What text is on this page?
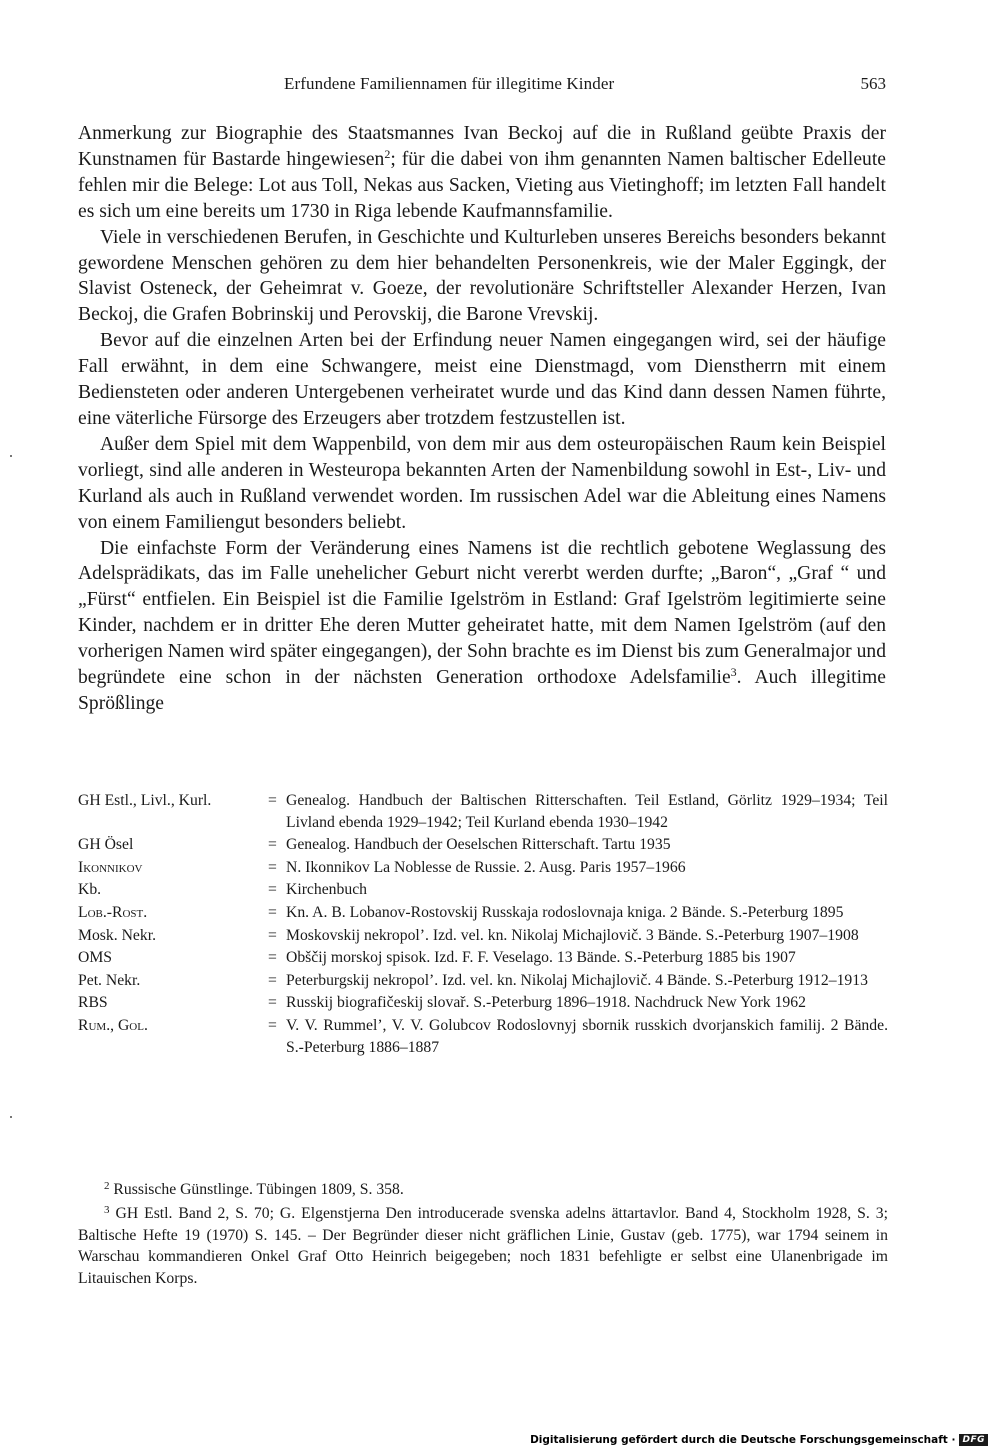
Erfundene Familiennamen für illegitime Kinder	563

Anmerkung zur Biographie des Staatsmannes Ivan Beckoj auf die in Rußland geübte Praxis der Kunstnamen für Bastarde hingewiesen$^2$; für die dabei von ihm genannten Namen baltischer Edelleute fehlen mir die Belege: Lot aus Toll, Nekas aus Sacken, Vieting aus Vietinghoff; im letzten Fall handelt es sich um eine bereits um 1730 in Riga lebende Kaufmannsfamilie.

Viele in verschiedenen Berufen, in Geschichte und Kulturleben unseres Bereichs besonders bekannt gewordene Menschen gehören zu dem hier behandelten Personenkreis, wie der Maler Eggingk, der Slavist Osteneck, der Geheimrat v. Goeze, der revolutionäre Schriftsteller Alexander Herzen, Ivan Beckoj, die Grafen Bobrinskij und Perovskij, die Barone Vrevskij.

Bevor auf die einzelnen Arten bei der Erfindung neuer Namen eingegangen wird, sei der häufige Fall erwähnt, in dem eine Schwangere, meist eine Dienstmagd, vom Dienstherrn mit einem Bediensteten oder anderen Untergebenen verheiratet wurde und das Kind dann dessen Namen führte, eine väterliche Fürsorge des Erzeugers aber trotzdem festzustellen ist.

Außer dem Spiel mit dem Wappenbild, von dem mir aus dem osteuropäischen Raum kein Beispiel vorliegt, sind alle anderen in Westeuropa bekannten Arten der Namenbildung sowohl in Est-, Liv- und Kurland als auch in Rußland verwendet worden. Im russischen Adel war die Ableitung eines Namens von einem Familiengut besonders beliebt.

Die einfachste Form der Veränderung eines Namens ist die rechtlich gebotene Weglassung des Adelsprädikats, das im Falle unehelicher Geburt nicht vererbt werden durfte; „Baron“, „Graf “ und „Fürst“ entfielen. Ein Beispiel ist die Familie Igelström in Estland: Graf Igelström legitimierte seine Kinder, nachdem er in dritter Ehe deren Mutter geheiratet hatte, mit dem Namen Igelström (auf den vorherigen Namen wird später eingegangen), der Sohn brachte es im Dienst bis zum Generalmajor und begründete eine schon in der nächsten Generation orthodoxe Adelsfamilie$^3$. Auch illegitime Sprößlinge

GH Estl., Livl., Kurl.	= Genealog. Handbuch der Baltischen Ritterschaften. Teil Estland, Görlitz 1929–1934; Teil Livland ebenda 1929–1942; Teil Kurland ebenda 1930–1942
GH Ösel	= Genealog. Handbuch der Oeselschen Ritterschaft. Tartu 1935
Ikonnikov	= N. Ikonnikov La Noblesse de Russie. 2. Ausg. Paris 1957–1966
Kb.	= Kirchenbuch
Lob.-Rost.	= Kn. A. B. Lobanov-Rostovskij Russkaja rodoslovnaja kniga. 2 Bände. S.-Peterburg 1895
Mosk. Nekr.	= Moskovskij nekropol’. Izd. vel. kn. Nikolaj Michajlovič. 3 Bände. S.-Peterburg 1907–1908
OMS	= Obščij morskoj spisok. Izd. F. F. Veselago. 13 Bände. S.-Peterburg 1885 bis 1907
Pet. Nekr.	= Peterburgskij nekropol’. Izd. vel. kn. Nikolaj Michajlovič. 4 Bände. S.-Peterburg 1912–1913
RBS	= Russkij biografičeskij slovař. S.-Peterburg 1896–1918. Nachdruck New York 1962
Rum., Gol.	= V. V. Rummel’, V. V. Golubcov Rodoslovnyj sbornik russkich dvorjanskich familij. 2 Bände. S.-Peterburg 1886–1887

$^2$ Russische Günstlinge. Tübingen 1809, S. 358.

$^3$ GH Estl. Band 2, S. 70; G. Elgenstjerna Den introducerade svenska adelns ättartavlor. Band 4, Stockholm 1928, S. 3; Baltische Hefte 19 (1970) S. 145. – Der Begründer dieser nicht gräflichen Linie, Gustav (geb. 1775), war 1794 seinem in Warschau kommandieren Onkel Graf Otto Heinrich beigegeben; noch 1831 befehligte er selbst eine Ulanenbrigade im Litauischen Korps.

Digitalisierung gefördert durch die Deutsche Forschungsgemeinschaft · DFG
